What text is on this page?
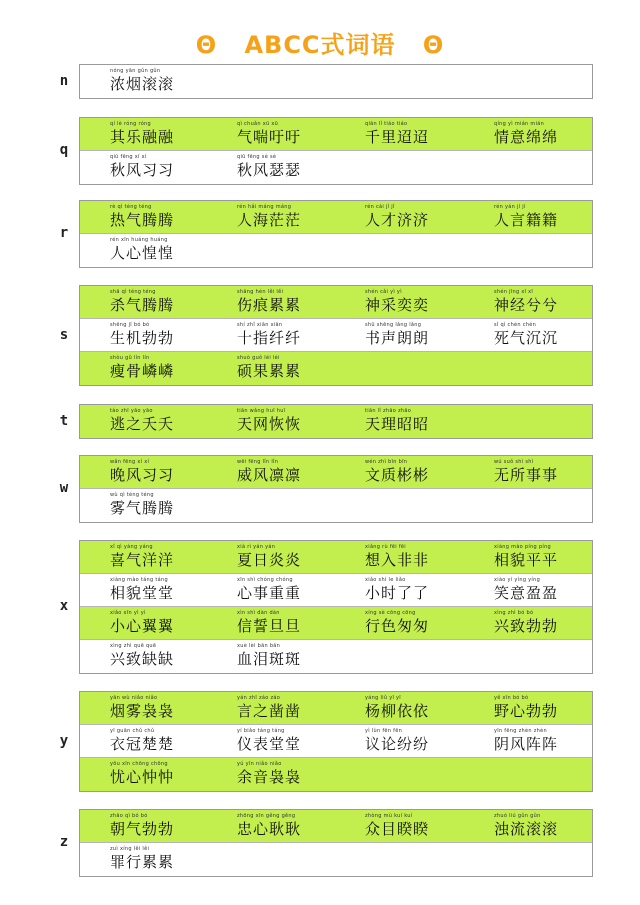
Θ ABCC式词语 Θ
n
nóng yān gǔn gǔn
浓烟滚滚
q
qí lè róng róng
其乐融融
qì chuǎn xū xū
气喘吁吁
qiān lǐ tiáo tiáo
千里迢迢
qíng yì mián mián
情意绵绵
qiū fēng xí xí
秋风习习
qiū fēng sè sè
秋风瑟瑟
r
rè qì téng téng
热气腾腾
rén hǎi máng máng
人海茫茫
rén cái jǐ jǐ
人才济济
rén yán jí jí
人言籍籍
rén xīn huáng huáng
人心惶惶
s
shā qì téng téng
杀气腾腾
shāng hén lěi lěi
伤痕累累
shén cǎi yì yì
神采奕奕
shén jīng xī xī
神经兮兮
shēng jī bó bó
生机勃勃
shí zhǐ xiān xiān
十指纤纤
shū shēng lǎng lǎng
书声朗朗
sǐ qì chén chén
死气沉沉
shòu gǔ lín lín
瘦骨嶙嶙
shuò guǒ léi léi
硕果累累
t
táo zhī yāo yāo
逃之夭夭
tiān wǎng huī huī
天网恢恢
tiān lǐ zhāo zhāo
天理昭昭
w
wǎn fēng xí xí
晚风习习
wēi fēng lǐn lǐn
威风凛凛
wén zhì bīn bīn
文质彬彬
wú suǒ shì shì
无所事事
wù qì téng téng
雾气腾腾
x
xǐ qì yáng yáng
喜气洋洋
xià rì yán yán
夏日炎炎
xiǎng rù fēi fēi
想入非非
xiàng mào píng píng
相貌平平
xiàng mào táng táng
相貌堂堂
xīn shì chóng chóng
心事重重
xiǎo shí le liǎo
小时了了
xiào yì yíng yíng
笑意盈盈
xiǎo xīn yì yì
小心翼翼
xìn shì dàn dàn
信誓旦旦
xíng sè cōng cōng
行色匆匆
xìng zhì bó bó
兴致勃勃
xìng zhì quē quē
兴致缺缺
xuè lèi bān bān
血泪斑斑
y
yān wù niǎo niǎo
烟雾袅袅
yán zhī záo záo
言之凿凿
yáng liǔ yī yī
杨柳依依
yě xīn bó bó
野心勃勃
yī guān chǔ chǔ
衣冠楚楚
yí biǎo táng táng
仪表堂堂
yì lùn fēn fēn
议论纷纷
yīn fēng zhèn zhèn
阴风阵阵
yōu xīn chōng chōng
忧心忡忡
yú yīn niǎo niǎo
余音袅袅
z
zhāo qì bó bó
朝气勃勃
zhōng xīn gěng gěng
忠心耿耿
zhòng mù kuí kuí
众目睽睽
zhuó liú gǔn gǔn
浊流滚滚
zuì xíng lěi lěi
罪行累累
